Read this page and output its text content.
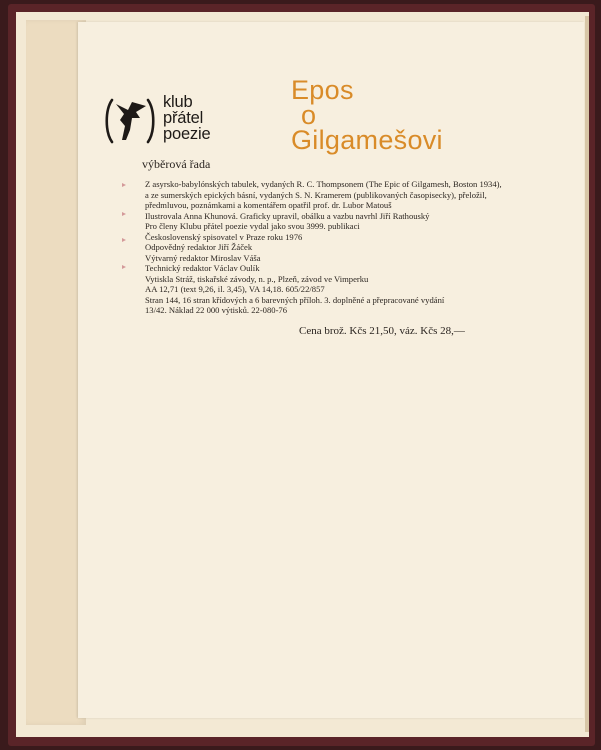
klub
přátel
poezie
výběrová řada
Epos
o
Gilgamešovi
Z asyrsko-babylónských tabulek, vydaných R. C. Thompsonem (The Epic of Gilgamesh, Boston 1934),
a ze sumerských epických básní, vydaných S. N. Kramerem (publikovaných časopisecky), přeložil,
předmluvou, poznámkami a komentářem opatřil prof. dr. Lubor Matouš
Ilustrovala Anna Khunová. Graficky upravil, obálku a vazbu navrhl Jiří Rathouský
Pro členy Klubu přátel poezie vydal jako svou 3999. publikaci
Československý spisovatel v Praze roku 1976
Odpovědný redaktor Jiří Žáček
Výtvarný redaktor Miroslav Váša
Technický redaktor Václav Oulík
Vytiskla Stráž, tiskařské závody, n. p., Plzeň, závod ve Vimperku
AA 12,71 (text 9,26, il. 3,45), VA 14,18. 605/22/857
Stran 144, 16 stran křídových a 6 barevných příloh. 3. doplněné a přepracované vydání
13/42. Náklad 22 000 výtisků. 22-080-76
Cena brož. Kčs 21,50, váz. Kčs 28,—
